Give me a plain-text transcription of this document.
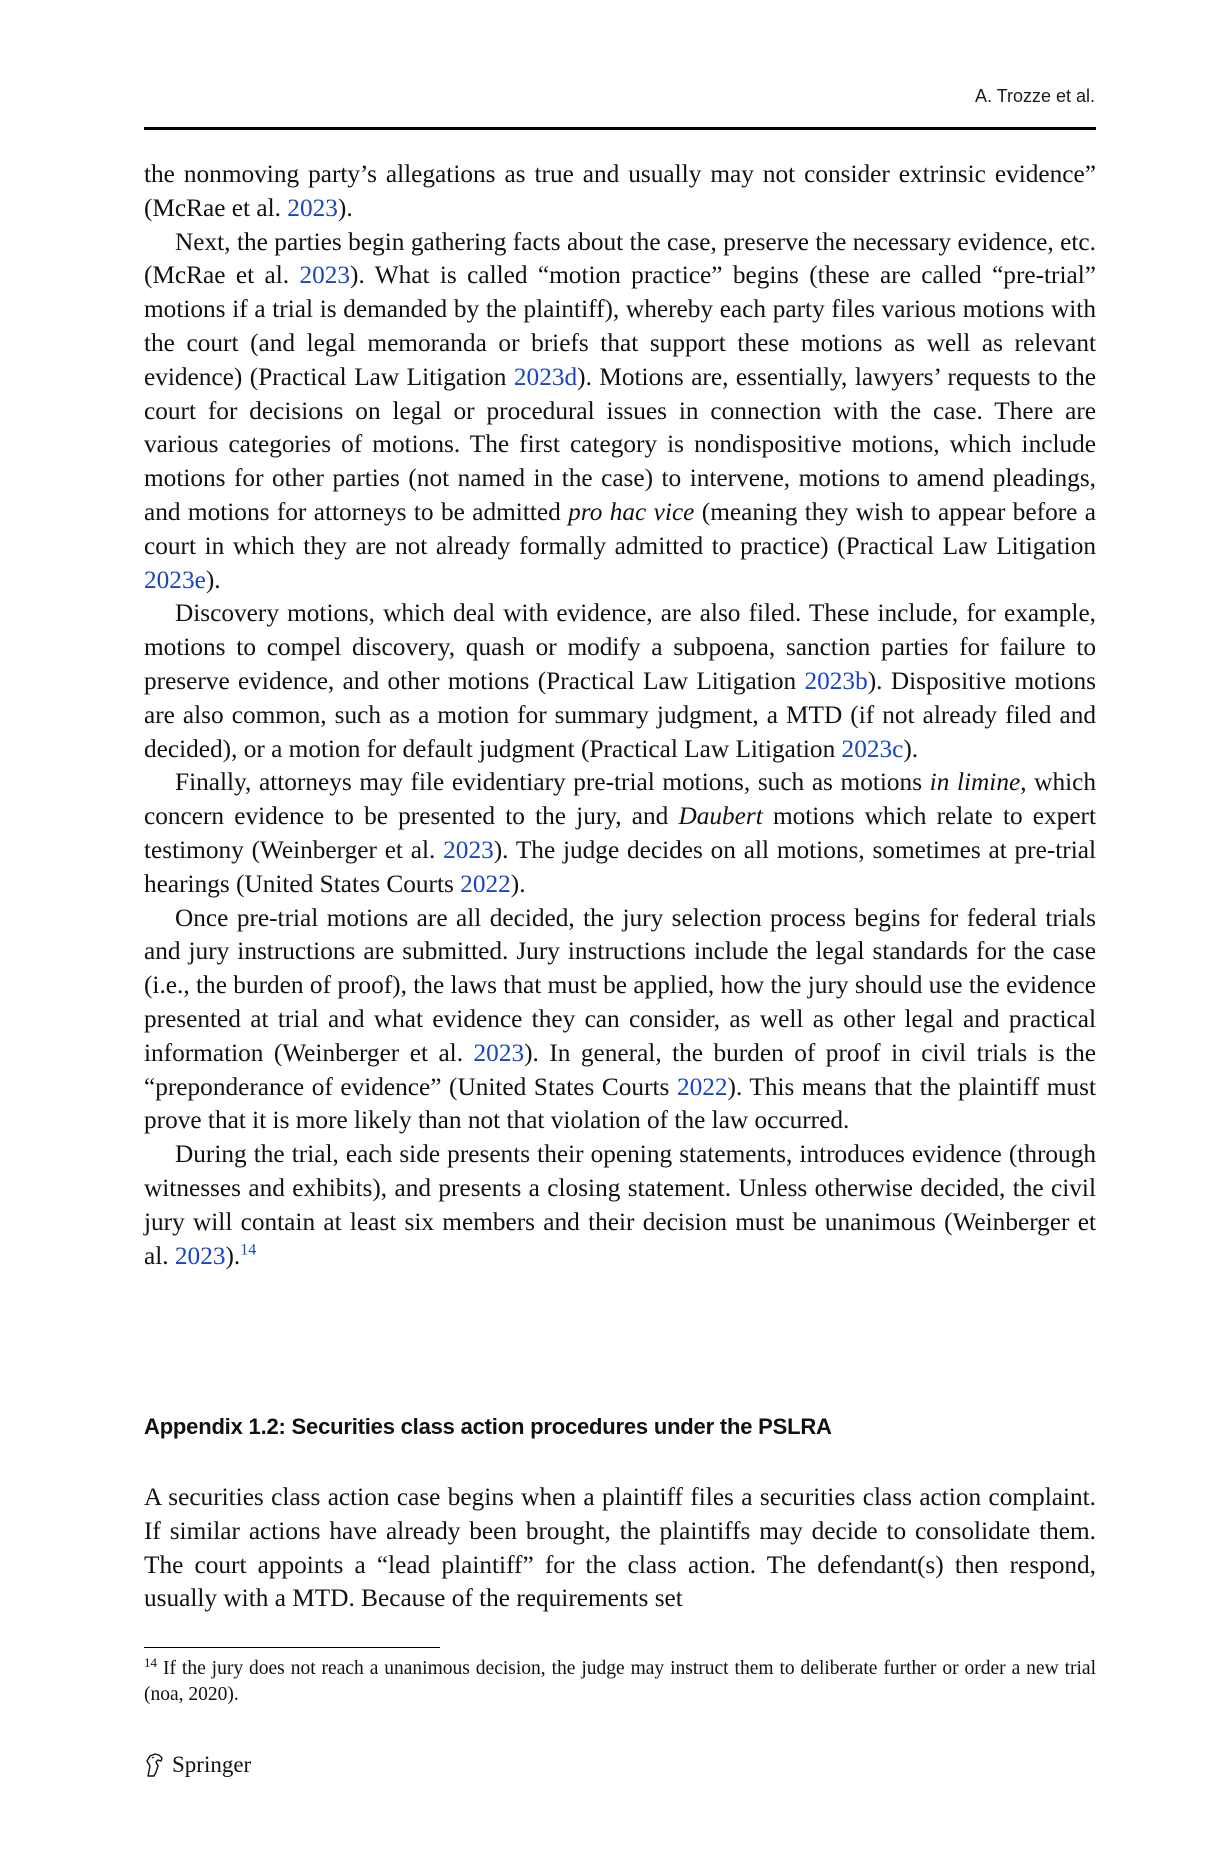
A. Trozze et al.

the nonmoving party’s allegations as true and usually may not consider extrinsic evidence” (McRae et al. 2023).

Next, the parties begin gathering facts about the case, preserve the necessary evidence, etc. (McRae et al. 2023). What is called “motion practice” begins (these are called “pre-trial” motions if a trial is demanded by the plaintiff), whereby each party files various motions with the court (and legal memoranda or briefs that support these motions as well as relevant evidence) (Practical Law Litigation 2023d). Motions are, essentially, lawyers’ requests to the court for decisions on legal or procedural issues in connection with the case. There are various categories of motions. The first category is nondispositive motions, which include motions for other parties (not named in the case) to intervene, motions to amend pleadings, and motions for attorneys to be admitted pro hac vice (meaning they wish to appear before a court in which they are not already formally admitted to practice) (Practical Law Litigation 2023e).

Discovery motions, which deal with evidence, are also filed. These include, for example, motions to compel discovery, quash or modify a subpoena, sanction parties for failure to preserve evidence, and other motions (Practical Law Litigation 2023b). Dispositive motions are also common, such as a motion for summary judgment, a MTD (if not already filed and decided), or a motion for default judgment (Practical Law Litigation 2023c).

Finally, attorneys may file evidentiary pre-trial motions, such as motions in limine, which concern evidence to be presented to the jury, and Daubert motions which relate to expert testimony (Weinberger et al. 2023). The judge decides on all motions, sometimes at pre-trial hearings (United States Courts 2022).

Once pre-trial motions are all decided, the jury selection process begins for federal trials and jury instructions are submitted. Jury instructions include the legal standards for the case (i.e., the burden of proof), the laws that must be applied, how the jury should use the evidence presented at trial and what evidence they can consider, as well as other legal and practical information (Weinberger et al. 2023). In general, the burden of proof in civil trials is the “preponderance of evidence” (United States Courts 2022). This means that the plaintiff must prove that it is more likely than not that violation of the law occurred.

During the trial, each side presents their opening statements, introduces evidence (through witnesses and exhibits), and presents a closing statement. Unless otherwise decided, the civil jury will contain at least six members and their decision must be unanimous (Weinberger et al. 2023).$^{14}$

Appendix 1.2: Securities class action procedures under the PSLRA

A securities class action case begins when a plaintiff files a securities class action complaint. If similar actions have already been brought, the plaintiffs may decide to consolidate them. The court appoints a “lead plaintiff” for the class action. The defendant(s) then respond, usually with a MTD. Because of the requirements set

$^{14}$ If the jury does not reach a unanimous decision, the judge may instruct them to deliberate further or order a new trial (noa, 2020).
Springer
